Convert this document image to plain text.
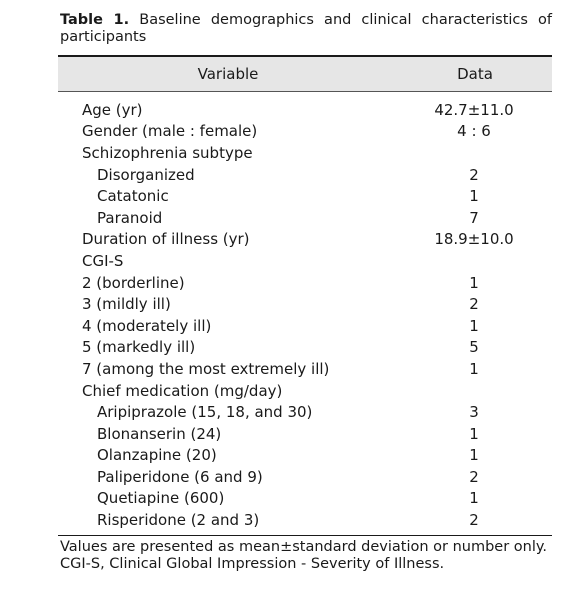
Table 1. Baseline demographics and clinical characteristics of participants
Variable	Data
Age (yr)	42.7±11.0
Gender (male : female)	4 : 6
Schizophrenia subtype
Disorganized	2
Catatonic	1
Paranoid	7
Duration of illness (yr)	18.9±10.0
CGI-S
2 (borderline)	1
3 (mildly ill)	2
4 (moderately ill)	1
5 (markedly ill)	5
7 (among the most extremely ill)	1
Chief medication (mg/day)
Aripiprazole (15, 18, and 30)	3
Blonanserin (24)	1
Olanzapine (20)	1
Paliperidone (6 and 9)	2
Quetiapine (600)	1
Risperidone (2 and 3)	2

Values are presented as mean±standard deviation or number only.

CGI-S, Clinical Global Impression - Severity of Illness.
